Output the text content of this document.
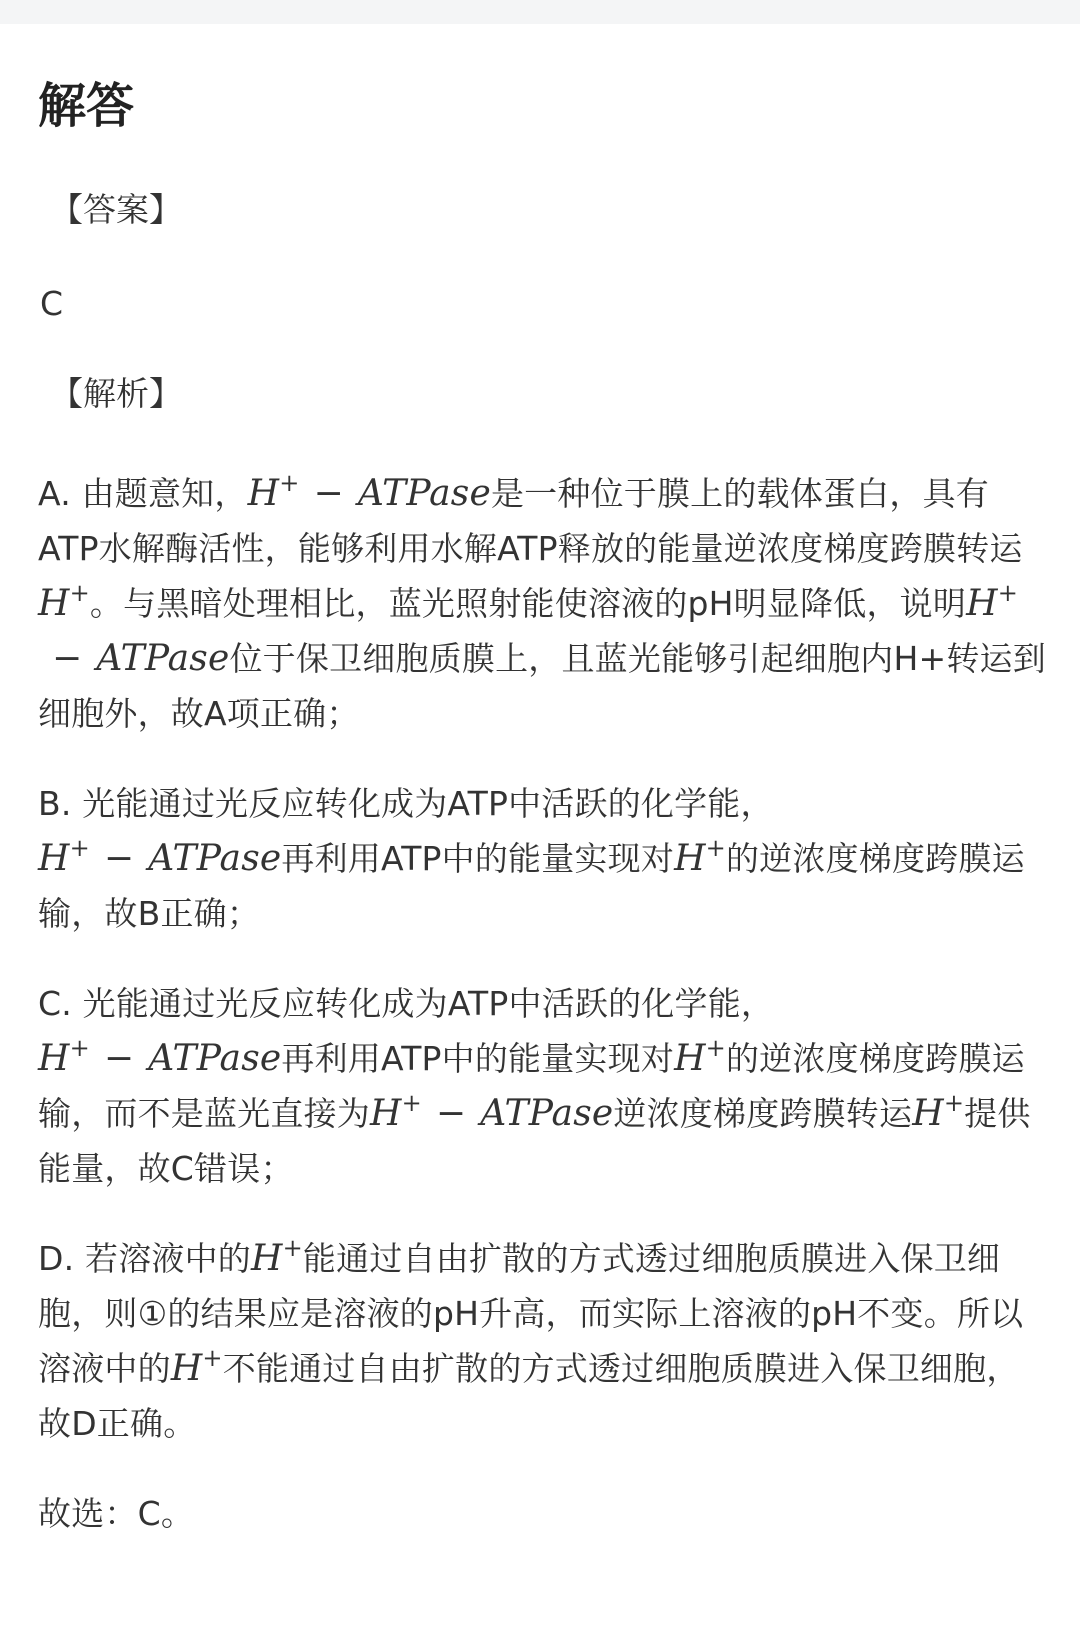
解答
【答案】
C
【解析】
A. 由题意知，H+ − ATPase是一种位于膜上的载体蛋白，具有ATP水解酶活性，能够利用水解ATP释放的能量逆浓度梯度跨膜转运H+。与黑暗处理相比，蓝光照射能使溶液的pH明显降低，说明H+− ATPase位于保卫细胞质膜上，且蓝光能够引起细胞内H+转运到细胞外，故A项正确；
B. 光能通过光反应转化成为ATP中活跃的化学能，
H+ − ATPase再利用ATP中的能量实现对H+的逆浓度梯度跨膜运输，故B正确；
C. 光能通过光反应转化成为ATP中活跃的化学能，
H+ − ATPase再利用ATP中的能量实现对H+的逆浓度梯度跨膜运输，而不是蓝光直接为H+ − ATPase逆浓度梯度跨膜转运H+提供能量，故C错误；
D. 若溶液中的H+能通过自由扩散的方式透过细胞质膜进入保卫细胞，则①的结果应是溶液的pH升高，而实际上溶液的pH不变。所以溶液中的H+不能通过自由扩散的方式透过细胞质膜进入保卫细胞，故D正确。
故选：C。
